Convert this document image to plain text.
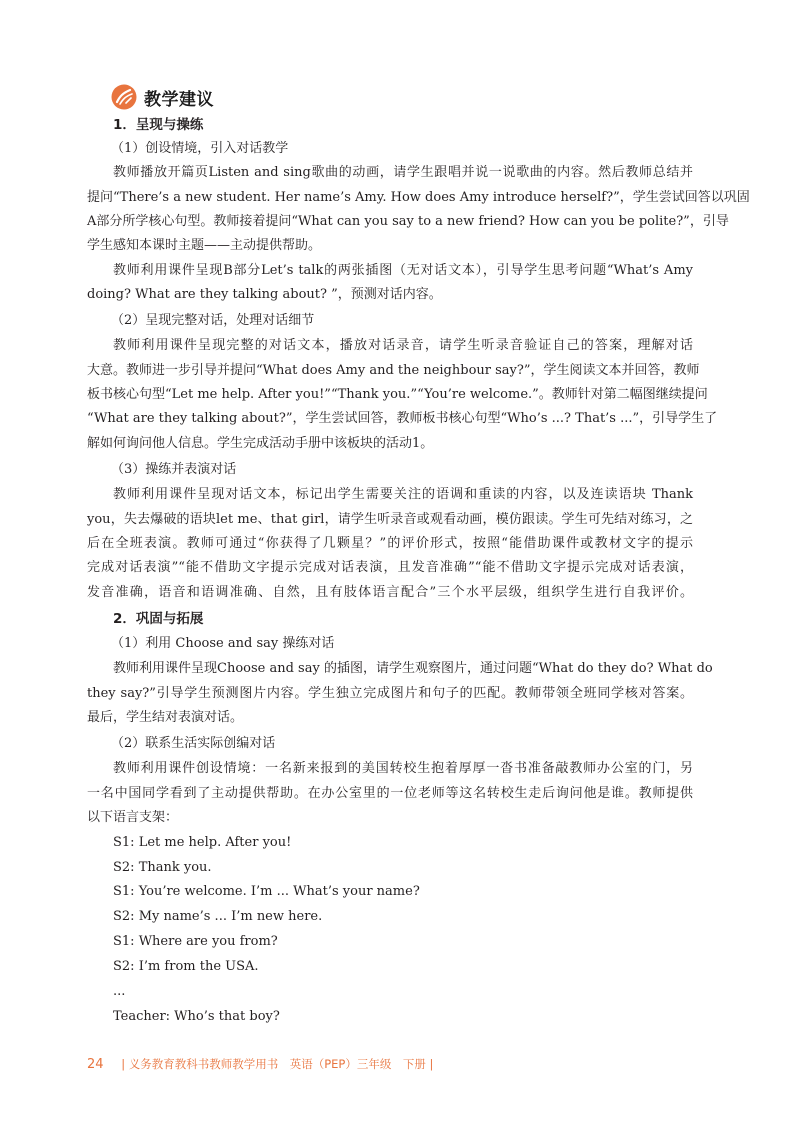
教学建议
1．呈现与操练
（1）创设情境，引入对话教学
教师播放开篇页Listen and sing歌曲的动画，请学生跟唱并说一说歌曲的内容。然后教师总结并
提问“There’s a new student. Her name’s Amy. How does Amy introduce herself?”，学生尝试回答以巩固
A部分所学核心句型。教师接着提问“What can you say to a new friend? How can you be polite?”，引导
学生感知本课时主题——主动提供帮助。
教师利用课件呈现B部分Let’s talk的两张插图（无对话文本），引导学生思考问题“What’s Amy
doing? What are they talking about? ”，预测对话内容。
（2）呈现完整对话，处理对话细节
教师利用课件呈现完整的对话文本，播放对话录音，请学生听录音验证自己的答案，理解对话
大意。教师进一步引导并提问“What does Amy and the neighbour say?”，学生阅读文本并回答，教师
板书核心句型“Let me help. After you!”“Thank you.”“You’re welcome.”。教师针对第二幅图继续提问
“What are they talking about?”，学生尝试回答，教师板书核心句型“Who’s ...? That’s ...”，引导学生了
解如何询问他人信息。学生完成活动手册中该板块的活动1。
（3）操练并表演对话
教师利用课件呈现对话文本，标记出学生需要关注的语调和重读的内容，以及连读语块 Thank
you，失去爆破的语块let me、that girl，请学生听录音或观看动画，模仿跟读。学生可先结对练习，之
后在全班表演。教师可通过“你获得了几颗星？”的评价形式，按照“能借助课件或教材文字的提示
完成对话表演”“能不借助文字提示完成对话表演，且发音准确”“能不借助文字提示完成对话表演，
发音准确，语音和语调准确、自然，且有肢体语言配合”三个水平层级，组织学生进行自我评价。
2．巩固与拓展
（1）利用 Choose and say 操练对话
教师利用课件呈现Choose and say 的插图，请学生观察图片，通过问题“What do they do? What do
they say?”引导学生预测图片内容。学生独立完成图片和句子的匹配。教师带领全班同学核对答案。
最后，学生结对表演对话。
（2）联系生活实际创编对话
教师利用课件创设情境：一名新来报到的美国转校生抱着厚厚一沓书准备敲教师办公室的门，另
一名中国同学看到了主动提供帮助。在办公室里的一位老师等这名转校生走后询问他是谁。教师提供
以下语言支架：
S1: Let me help. After you!
S2: Thank you.
S1: You’re welcome. I’m ... What’s your name?
S2: My name’s ... I’m new here.
S1: Where are you from?
S2: I’m from the USA.
...
Teacher: Who’s that boy?
24 | 义务教育教科书教师教学用书　英语（PEP）三年级　下册 |
